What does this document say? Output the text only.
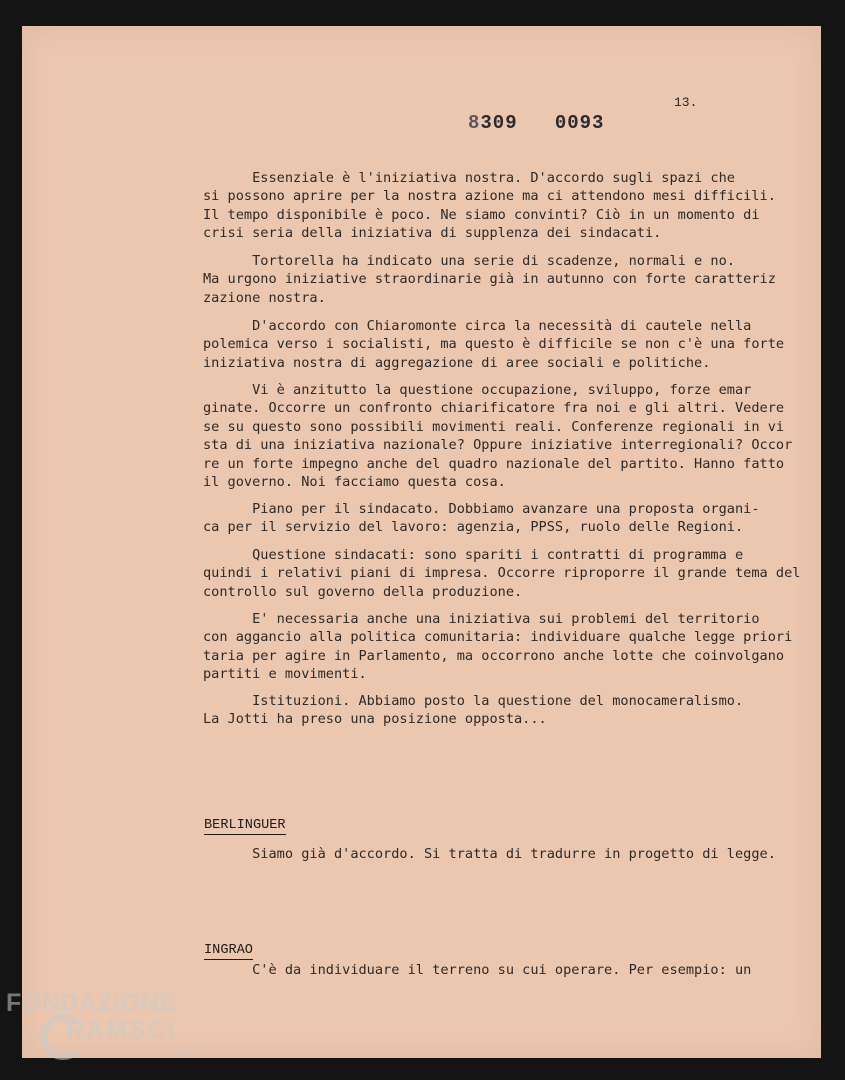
13.
8309 0093
Essenziale è l'iniziativa nostra. D'accordo sugli spazi che
si possono aprire per la nostra azione ma ci attendono mesi difficili.
Il tempo disponibile è poco. Ne siamo convinti? Ciò in un momento di
crisi seria della iniziativa di supplenza dei sindacati.
Tortorella ha indicato una serie di scadenze, normali e no.
Ma urgono iniziative straordinarie già in autunno con forte caratteriz
zazione nostra.
D'accordo con Chiaromonte circa la necessità di cautele nella
polemica verso i socialisti, ma questo è difficile se non c'è una forte
iniziativa nostra di aggregazione di aree sociali e politiche.
Vi è anzitutto la questione occupazione, sviluppo, forze emar
ginate. Occorre un confronto chiarificatore fra noi e gli altri. Vedere
se su questo sono possibili movimenti reali. Conferenze regionali in vi
sta di una iniziativa nazionale? Oppure iniziative interregionali? Occor
re un forte impegno anche del quadro nazionale del partito. Hanno fatto
il governo. Noi facciamo questa cosa.
Piano per il sindacato. Dobbiamo avanzare una proposta organi-
ca per il servizio del lavoro: agenzia, PPSS, ruolo delle Regioni.
Questione sindacati: sono spariti i contratti di programma e
quindi i relativi piani di impresa. Occorre riproporre il grande tema
controllo sul governo della produzione.
E' necessaria anche una iniziativa sui problemi del territorio
con aggancio alla politica comunitaria: individuare qualche legge priori
taria per agire in Parlamento, ma occorrono anche lotte che coinvolgano
partiti e movimenti.
Istituzioni. Abbiamo posto la questione del monocameralismo.
La Jotti ha preso una posizione opposta...
BERLINGUER
Siamo già d'accordo. Si tratta di tradurre in progetto di legge.
INGRAO
C'è da individuare il terreno su cui operare. Per esempio: un
FONDAZIONE
RAMSCI
onlus
